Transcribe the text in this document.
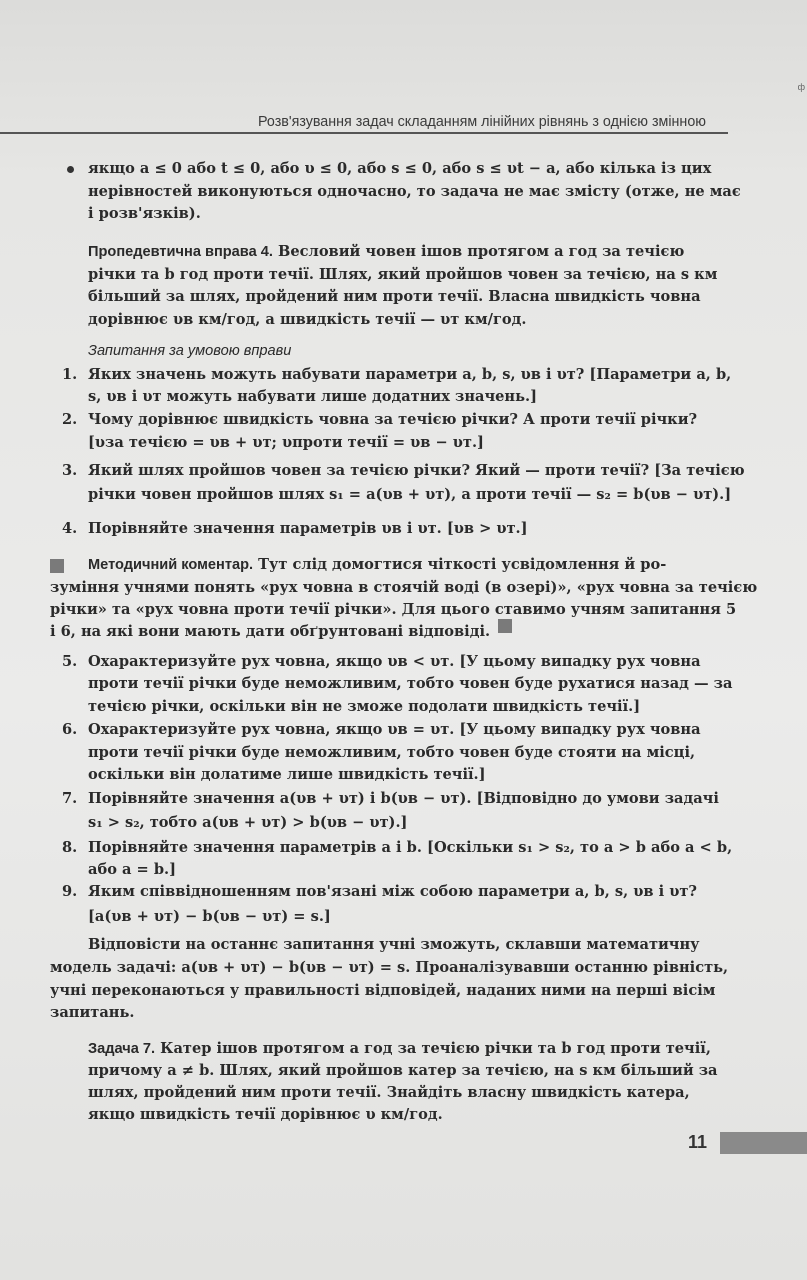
ф
Розв'язування задач складанням лінійних рівнянь з однією змінною
якщо a ≤ 0 або t ≤ 0, або υ ≤ 0, або s ≤ 0, або s ≤ υt − a, або кілька із цих
нерівностей виконуються одночасно, то задача не має змісту (отже, не має
і розв'язків).
Пропедевтична вправа 4. Весловий човен ішов протягом a год за течією
річки та b год проти течії. Шлях, який пройшов човен за течією, на s км
більший за шлях, пройдений ним проти течії. Власна швидкість човна
дорівнює υв км/год, а швидкість течії — υт км/год.
Запитання за умовою вправи
1. Яких значень можуть набувати параметри a, b, s, υв і υт? [Параметри a, b,
s, υв і υт можуть набувати лише додатних значень.]
2. Чому дорівнює швидкість човна за течією річки? А проти течії річки?
[υза течією = υв + υт; υпроти течії = υв − υт.]
3. Який шлях пройшов човен за течією річки? Який — проти течії? [За течією
річки човен пройшов шлях s₁ = a(υв + υт), а проти течії — s₂ = b(υв − υт).]
4. Порівняйте значення параметрів υв і υт. [υв > υт.]
Методичний коментар. Тут слід домогтися чіткості усвідомлення й ро-
зуміння учнями понять «рух човна в стоячій воді (в озері)», «рух човна за течією
річки» та «рух човна проти течії річки». Для цього ставимо учням запитання 5
і 6, на які вони мають дати обґрунтовані відповіді.
5. Охарактеризуйте рух човна, якщо υв < υт. [У цьому випадку рух човна
проти течії річки буде неможливим, тобто човен буде рухатися назад — за
течією річки, оскільки він не зможе подолати швидкість течії.]
6. Охарактеризуйте рух човна, якщо υв = υт. [У цьому випадку рух човна
проти течії річки буде неможливим, тобто човен буде стояти на місці,
оскільки він долатиме лише швидкість течії.]
7. Порівняйте значення a(υв + υт) і b(υв − υт). [Відповідно до умови задачі
s₁ > s₂, тобто a(υв + υт) > b(υв − υт).]
8. Порівняйте значення параметрів a і b. [Оскільки s₁ > s₂, то a > b або a < b,
або a = b.]
9. Яким співвідношенням пов'язані між собою параметри a, b, s, υв і υт?
[a(υв + υт) − b(υв − υт) = s.]
Відповісти на останнє запитання учні зможуть, склавши математичну
модель задачі: a(υв + υт) − b(υв − υт) = s. Проаналізувавши останню рівність,
учні переконаються у правильності відповідей, наданих ними на перші вісім
запитань.
Задача 7. Катер ішов протягом a год за течією річки та b год проти течії,
причому a ≠ b. Шлях, який пройшов катер за течією, на s км більший за
шлях, пройдений ним проти течії. Знайдіть власну швидкість катера,
якщо швидкість течії дорівнює υ км/год.
11
